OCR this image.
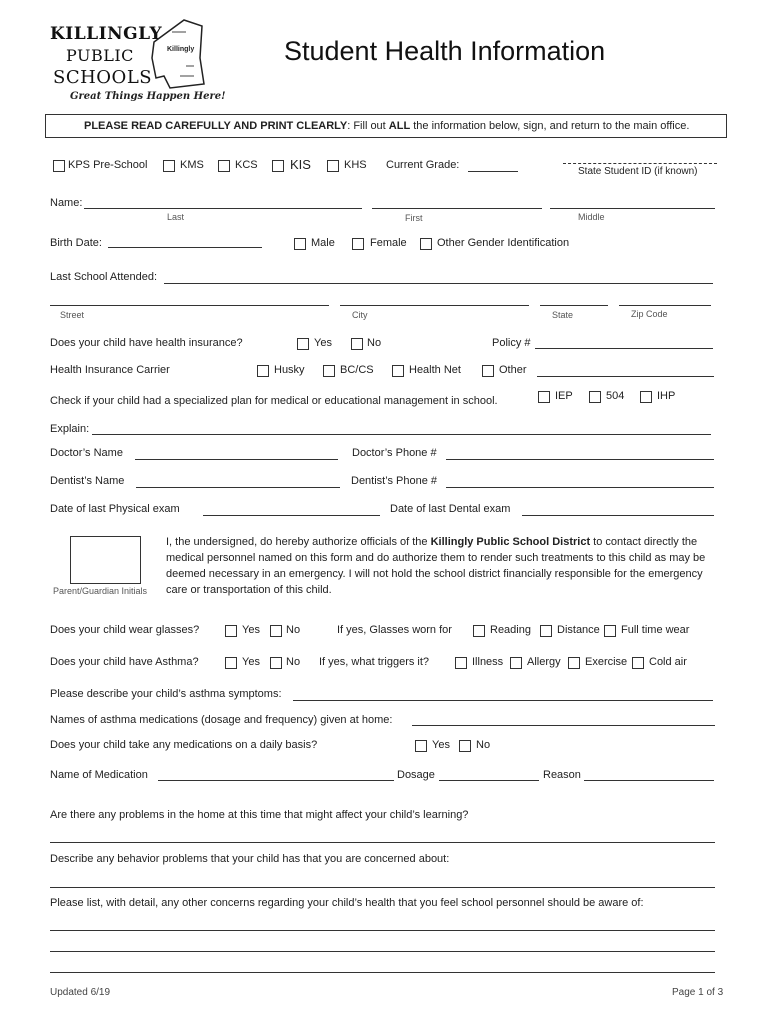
KILLINGLY
PUBLIC
SCHOOLS
Killingly
Great Things Happen Here!
Student Health Information
PLEASE READ CAREFULLY AND PRINT CLEARLY: Fill out ALL the information below, sign, and return to the main office.
KPS Pre-School	KMS	KCS KIS	KHS Current Grade:
State Student ID (if known)
Name:
Last	First	Middle
Birth Date:	Male	Female	Other Gender Identification
Last School Attended:
Street	City	State	Zip Code
Does your child have health insurance?	Yes	No	Policy #
Health Insurance Carrier	Husky	BC/CS	Health Net	Other
Check if your child had a specialized plan for medical or educational management in school.	IEP	504	IHP
Explain:
Doctor’s Name	Doctor’s Phone #
Dentist’s Name	Dentist’s Phone #
Date of last Physical exam	Date of last Dental exam
Parent/Guardian Initials
I, the undersigned, do hereby authorize officials of the Killingly Public School District to contact directly the medical personnel named on this form and do authorize them to render such treatments to this child as may be deemed necessary in an emergency. I will not hold the school district financially responsible for the emergency care or transportation of this child.
Does your child wear glasses?	Yes No	If yes, Glasses worn for	Reading Distance Full time wear
Does your child have Asthma?	Yes No If yes, what triggers it?	Illness Allergy Exercise Cold air
Please describe your child’s asthma symptoms:
Names of asthma medications (dosage and frequency) given at home:
Does your child take any medications on a daily basis?	Yes No
Name of Medication	Dosage	Reason
Are there any problems in the home at this time that might affect your child’s learning?
Describe any behavior problems that your child has that you are concerned about:
Please list, with detail, any other concerns regarding your child’s health that you feel school personnel should be aware of:
Updated 6/19	Page 1 of 3
